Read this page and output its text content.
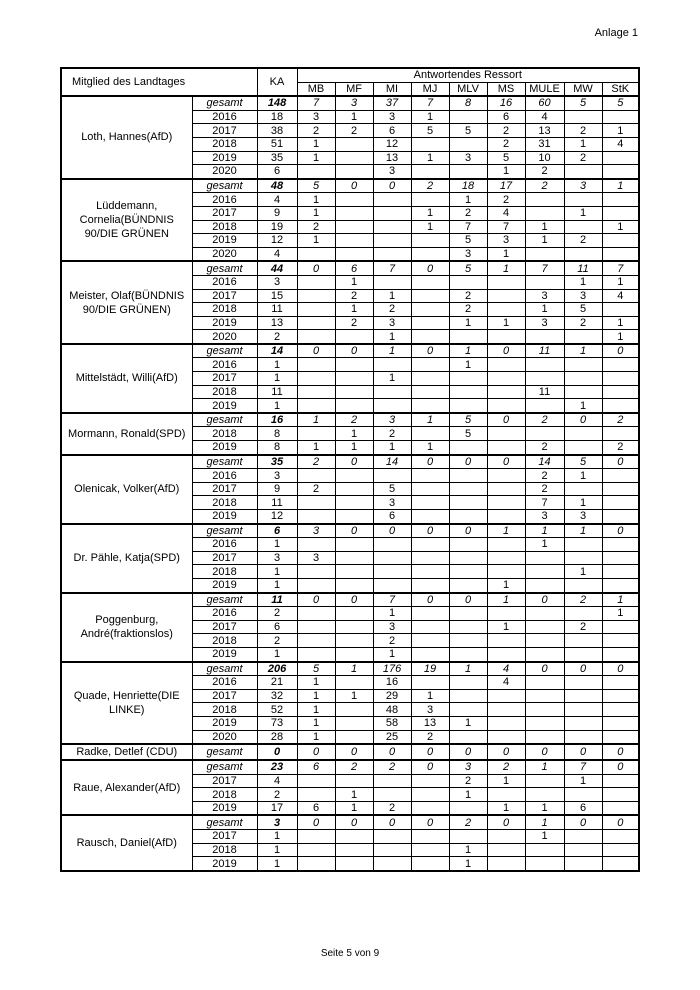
Anlage 1
Mitglied des Landtages		KA	Antwortendes Ressort								
			MB	MF	MI	MJ	MLV	MS	MULE	MW	StK
Loth, Hannes(AfD)	gesamt	148	7	3	37	7	8	16	60	5	5
	2016	18	3	1	3	1		6	4		
	2017	38	2	2	6	5	5	2	13	2	1
	2018	51	1		12			2	31	1	4
	2019	35	1		13	1	3	5	10	2	
	2020	6			3			1	2		
Lüddemann, Cornelia(BÜNDNIS 90/DIE GRÜNEN	gesamt	48	5	0	0	2	18	17	2	3	1
	2016	4	1				1	2			
	2017	9	1			1	2	4		1	
	2018	19	2			1	7	7	1		1
	2019	12	1				5	3	1	2	
	2020	4					3	1			
Meister, Olaf(BÜNDNIS 90/DIE GRÜNEN)	gesamt	44	0	6	7	0	5	1	7	11	7
	2016	3		1						1	1
	2017	15		2	1		2		3	3	4
	2018	11		1	2		2		1	5	
	2019	13		2	3		1	1	3	2	1
	2020	2			1						1
Mittelstädt, Willi(AfD)	gesamt	14	0	0	1	0	1	0	11	1	0
	2016	1					1				
	2017	1			1						
	2018	11							11		
	2019	1								1	
Mormann, Ronald(SPD)	gesamt	16	1	2	3	1	5	0	2	0	2
	2018	8		1	2		5				
	2019	8	1	1	1	1			2		2
Olenicak, Volker(AfD)	gesamt	35	2	0	14	0	0	0	14	5	0
	2016	3							2	1	
	2017	9	2		5				2		
	2018	11			3				7	1	
	2019	12			6				3	3	
Dr. Pähle, Katja(SPD)	gesamt	6	3	0	0	0	0	1	1	1	0
	2016	1							1		
	2017	3	3								
	2018	1								1	
	2019	1						1			
Poggenburg, André(fraktionslos)	gesamt	11	0	0	7	0	0	1	0	2	1
	2016	2			1						1
	2017	6			3			1		2	
	2018	2			2						
	2019	1			1						
Quade, Henriette(DIE LINKE)	gesamt	206	5	1	176	19	1	4	0	0	0
	2016	21	1		16			4			
	2017	32	1	1	29	1					
	2018	52	1		48	3					
	2019	73	1		58	13	1				
	2020	28	1		25	2					
Radke, Detlef (CDU)	gesamt	0	0	0	0	0	0	0	0	0	0
Raue, Alexander(AfD)	gesamt	23	6	2	2	0	3	2	1	7	0
	2017	4					2	1		1	
	2018	2		1			1				
	2019	17	6	1	2			1	1	6	
Rausch, Daniel(AfD)	gesamt	3	0	0	0	0	2	0	1	0	0
	2017	1							1		
	2018	1					1				
	2019	1					1				
Seite 5 von 9
